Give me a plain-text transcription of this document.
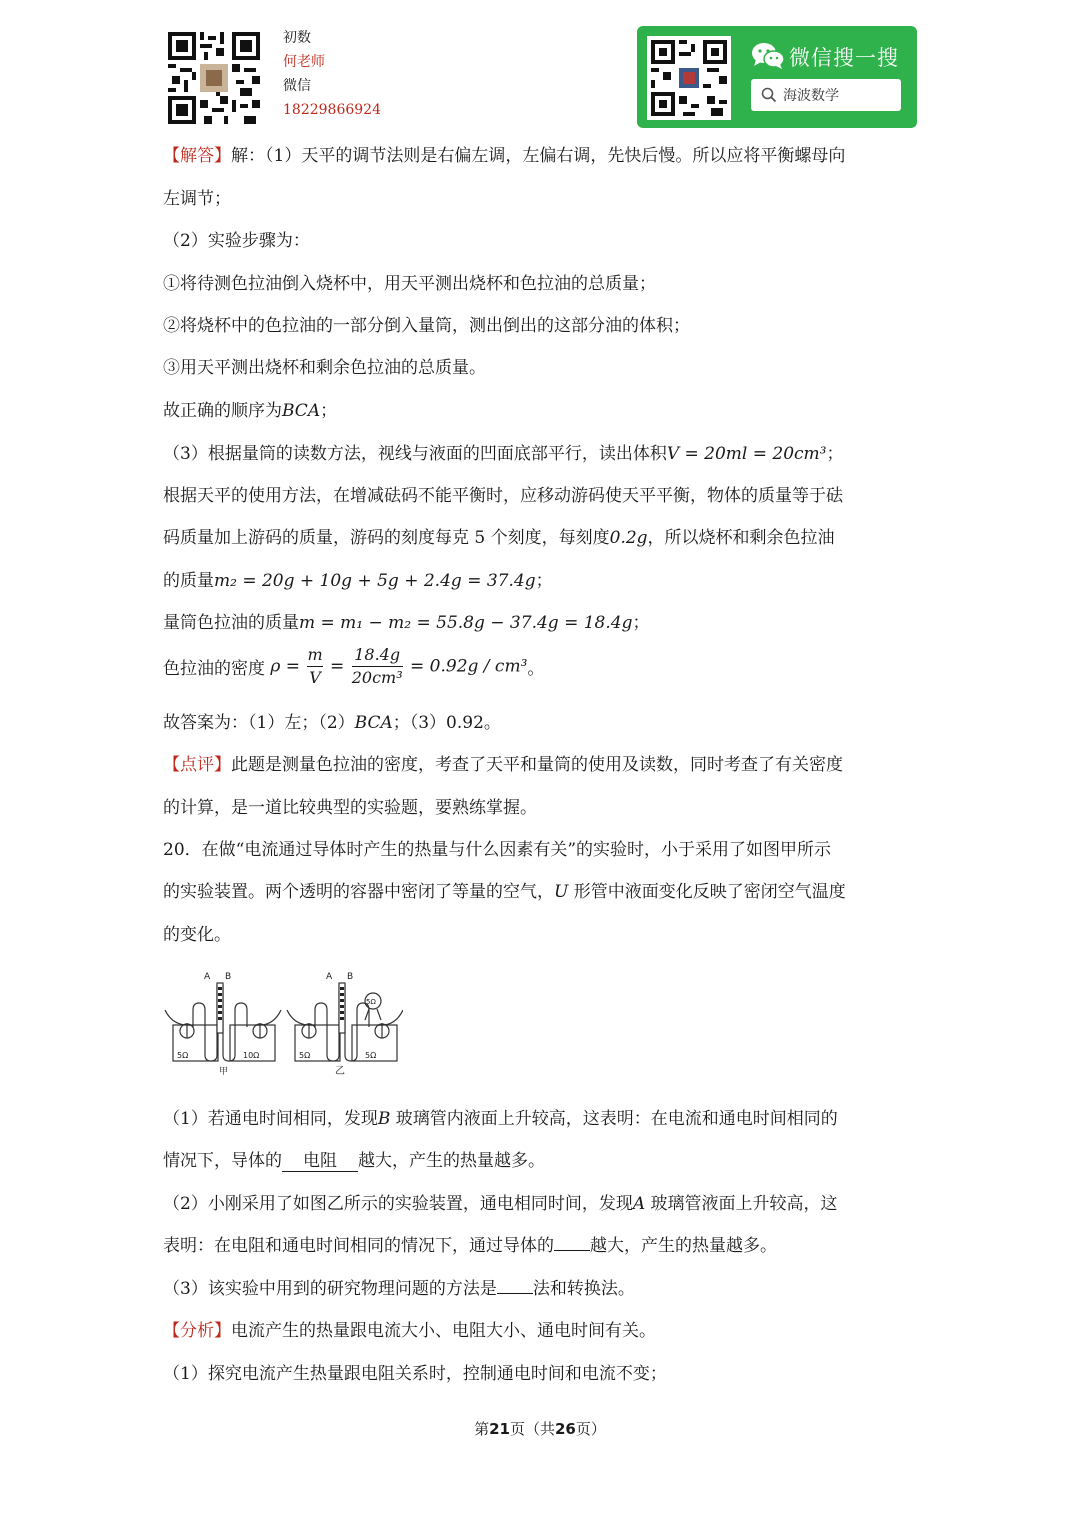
初数
何老师
微信
18229866924
微信搜一搜
海波数学
【解答】解：（1）天平的调节法则是右偏左调，左偏右调，先快后慢。所以应将平衡螺母向
左调节；
（2）实验步骤为：
①将待测色拉油倒入烧杯中，用天平测出烧杯和色拉油的总质量；
②将烧杯中的色拉油的一部分倒入量筒，测出倒出的这部分油的体积；
③用天平测出烧杯和剩余色拉油的总质量。
故正确的顺序为BCA；
（3）根据量筒的读数方法，视线与液面的凹面底部平行，读出体积V = 20ml = 20cm³；
根据天平的使用方法，在增减砝码不能平衡时，应移动游码使天平平衡，物体的质量等于砝
码质量加上游码的质量，游码的刻度每克 5 个刻度，每刻度0.2g，所以烧杯和剩余色拉油
的质量m₂ = 20g + 10g + 5g + 2.4g = 37.4g；
量筒色拉油的质量m = m₁ − m₂ = 55.8g − 37.4g = 18.4g；
色拉油的密度 $\rho = \frac{m}{V} = \frac{18.4g}{\text{20cm³}} = 0.92g / cm^3$。
故答案为：（1）左；（2）BCA；（3）0.92。
【点评】此题是测量色拉油的密度，考查了天平和量筒的使用及读数，同时考查了有关密度
的计算，是一道比较典型的实验题，要熟练掌握。
20．在做“电流通过导体时产生的热量与什么因素有关”的实验时，小于采用了如图甲所示
的实验装置。两个透明的容器中密闭了等量的空气，U 形管中液面变化反映了密闭空气温度
的变化。
A B
5Ω	10Ω
甲
A B
5Ω
5Ω	5Ω
乙
（1）若通电时间相同，发现B 玻璃管内液面上升较高，这表明：在电流和通电时间相同的
情况下，导体的 电阻 越大，产生的热量越多。
（2）小刚采用了如图乙所示的实验装置，通电相同时间，发现A 玻璃管液面上升较高，这
表明：在电阻和通电时间相同的情况下，通过导体的 越大，产生的热量越多。
（3）该实验中用到的研究物理问题的方法是 法和转换法。
【分析】电流产生的热量跟电流大小、电阻大小、通电时间有关。
（1）探究电流产生热量跟电阻关系时，控制通电时间和电流不变；
第21页（共26页）
